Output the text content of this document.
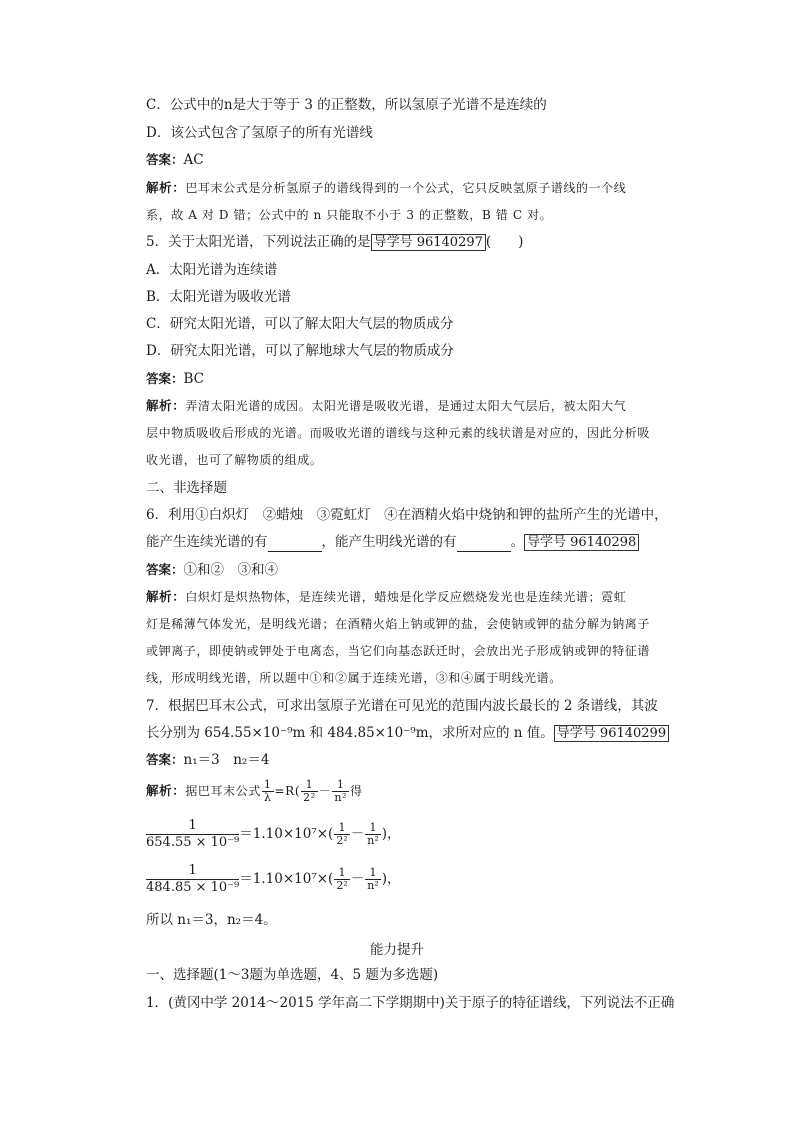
C．公式中的n是大于等于 3 的正整数，所以氢原子光谱不是连续的
D．该公式包含了氢原子的所有光谱线
答案：AC
解析：巴耳末公式是分析氢原子的谱线得到的一个公式，它只反映氢原子谱线的一个线
系，故 A 对 D 错；公式中的 n 只能取不小于 3 的正整数，B 错 C 对。
5．关于太阳光谱，下列说法正确的是 导学号 96140297 (　　)
A．太阳光谱为连续谱
B．太阳光谱为吸收光谱
C．研究太阳光谱，可以了解太阳大气层的物质成分
D．研究太阳光谱，可以了解地球大气层的物质成分
答案：BC
解析：弄清太阳光谱的成因。太阳光谱是吸收光谱，是通过太阳大气层后，被太阳大气
层中物质吸收后形成的光谱。而吸收光谱的谱线与这种元素的线状谱是对应的，因此分析吸
收光谱，也可了解物质的组成。
二、非选择题
6．利用①白炽灯　②蜡烛　③霓虹灯　④在酒精火焰中烧钠和钾的盐所产生的光谱中，
能产生连续光谱的有	，能产生明线光谱的有	。 导学号 96140298
答案：①和②　③和④
解析：白炽灯是炽热物体，是连续光谱，蜡烛是化学反应燃烧发光也是连续光谱；霓虹
灯是稀薄气体发光，是明线光谱；在酒精火焰上钠或钾的盐，会使钠或钾的盐分解为钠离子
或钾离子，即使钠或钾处于电离态，当它们向基态跃迁时，会放出光子形成钠或钾的特征谱
线，形成明线光谱，所以题中①和②属于连续光谱，③和④属于明线光谱。
7．根据巴耳末公式，可求出氢原子光谱在可见光的范围内波长最长的 2 条谱线，其波
长分别为 654.55×10⁻⁹m 和 484.85×10⁻⁹m，求所对应的 n 值。 导学号 96140299
答案：n₁＝3　n₂＝4
解析：据巴耳末公式 $\frac{1}{\lambda} =R( \frac{1}{\text{2²}} - \frac{1}{\text{n²}}$ 得
$\frac{1}{\text{654.55 × 10⁻⁹}} =1.10\times 10^7\times( \frac{1}{\text{2²}} - \frac{1}{\text{n²}}$ )，
$\frac{1}{\text{484.85 × 10⁻⁹}} =1.10\times 10^7\times( \frac{1}{\text{2²}} - \frac{1}{\text{n²}}$ )，
所以 n₁＝3，n₂＝4。
能力提升
一、选择题(1～3题为单选题，4、5 题为多选题)
1．(黄冈中学 2014～2015 学年高二下学期期中)关于原子的特征谱线，下列说法不正确
